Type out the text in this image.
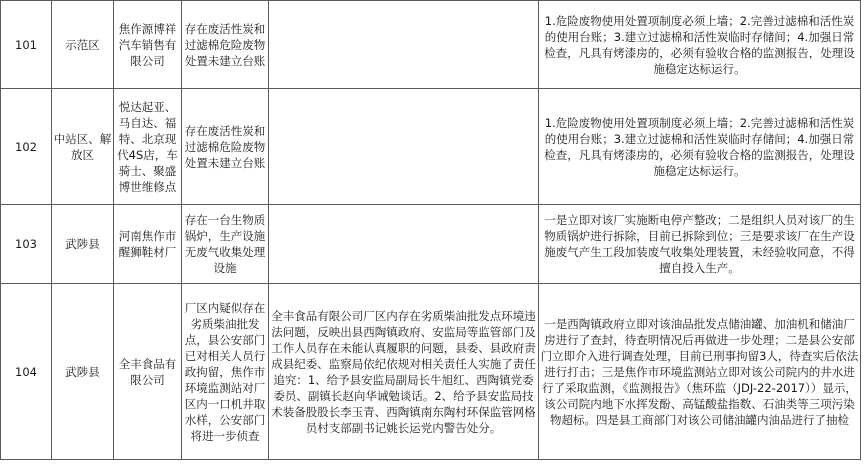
101	示范区	焦作源博祥汽车销售有限公司	存在废活性炭和过滤棉危险废物处置未建立台账		1.危险废物使用处置项制度必须上墙；2.完善过滤棉和活性炭的使用台账；3.建立过滤棉和活性炭临时存储间；4.加强日常检查，凡具有烤漆房的，必须有验收合格的监测报告，处理设施稳定达标运行。
102	中站区、解放区	悦达起亚、马自达、福特、北京现代4S店，车骑士、聚盛博世维修点	存在废活性炭和过滤棉危险废物处置未建立台账		1.危险废物使用处置项制度必须上墙；2.完善过滤棉和活性炭的使用台账；3.建立过滤棉和活性炭临时存储间；4.加强日常检查，凡具有烤漆房的，必须有验收合格的监测报告，处理设施稳定达标运行。
103	武陟县	河南焦作市醒狮鞋材厂	存在一台生物质锅炉，生产设施无废气收集处理设施		一是立即对该厂实施断电停产整改；二是组织人员对该厂的生物质锅炉进行拆除，目前已拆除到位；三是要求该厂在生产设施废气产生工段加装废气收集处理装置，未经验收同意，不得擅自投入生产。
104	武陟县	全丰食品有限公司	厂区内疑似存在劣质柴油批发点，县公安部门已对相关人员行政拘留，焦作市环境监测站对厂区内一口机井取水样，公安部门将进一步侦查	全丰食品有限公司厂区内存在劣质柴油批发点环境违法问题，反映出县西陶镇政府、安监局等监管部门及工作人员存在未能认真履职的问题，县委、县政府责成县纪委、监察局依纪依规对相关责任人实施了责任追究：1、给予县安监局副局长牛旭红、西陶镇党委委员、副镇长赵向华诫勉谈话。2、给予县安监局技术装备股股长李玉青、西陶镇南东陶村环保监管网格员村支部副书记姚长运党内警告处分。	一是西陶镇政府立即对该油品批发点储油罐、加油机和储油厂房进行了查封，待查明情况后再做进一步处理；二是县公安部门立即介入进行调查处理，目前已刑事拘留3人，待查实后依法进行打击；三是焦作市环境监测站立即对该公司院内的井水进行了采取监测，《监测报告》（焦环监（JDJ-22-2017））显示，该公司院内地下水挥发酚、高锰酸盐指数、石油类等三项污染物超标。四是县工商部门对该公司储油罐内油品进行了抽检
